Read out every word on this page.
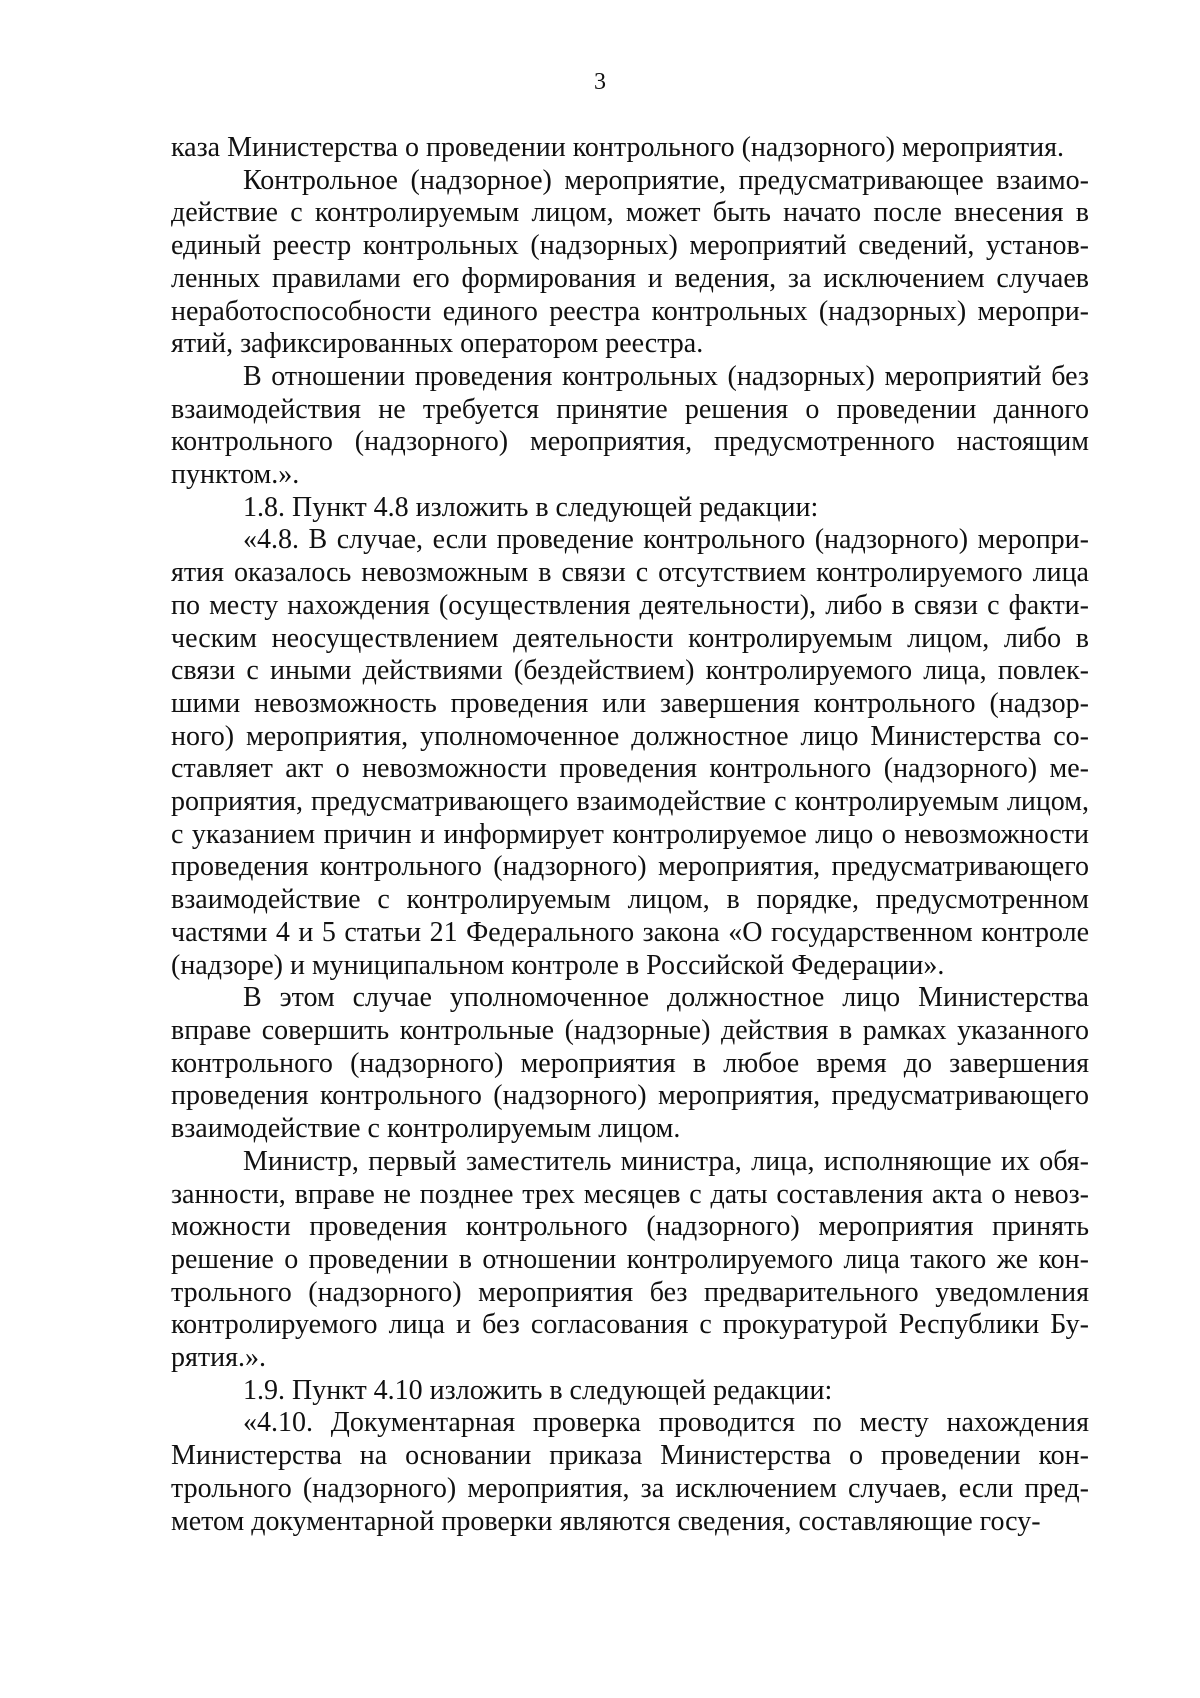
3

каза Министерства о проведении контрольного (надзорного) мероприятия.

Контрольное (надзорное) мероприятие, предусматривающее взаимодействие с контролируемым лицом, может быть начато после внесения в единый реестр контрольных (надзорных) мероприятий сведений, установленных правилами его формирования и ведения, за исключением случаев неработоспособности единого реестра контрольных (надзорных) мероприятий, зафиксированных оператором реестра.

В отношении проведения контрольных (надзорных) мероприятий без взаимодействия не требуется принятие решения о проведении данного контрольного (надзорного) мероприятия, предусмотренного настоящим пунктом.».

1.8. Пункт 4.8 изложить в следующей редакции:

«4.8. В случае, если проведение контрольного (надзорного) мероприятия оказалось невозможным в связи с отсутствием контролируемого лица по месту нахождения (осуществления деятельности), либо в связи с фактическим неосуществлением деятельности контролируемым лицом, либо в связи с иными действиями (бездействием) контролируемого лица, повлекшими невозможность проведения или завершения контрольного (надзорного) мероприятия, уполномоченное должностное лицо Министерства составляет акт о невозможности проведения контрольного (надзорного) мероприятия, предусматривающего взаимодействие с контролируемым лицом, с указанием причин и информирует контролируемое лицо о невозможности проведения контрольного (надзорного) мероприятия, предусматривающего взаимодействие с контролируемым лицом, в порядке, предусмотренном частями 4 и 5 статьи 21 Федерального закона «О государственном контроле (надзоре) и муниципальном контроле в Российской Федерации».

В этом случае уполномоченное должностное лицо Министерства вправе совершить контрольные (надзорные) действия в рамках указанного контрольного (надзорного) мероприятия в любое время до завершения проведения контрольного (надзорного) мероприятия, предусматривающего взаимодействие с контролируемым лицом.

Министр, первый заместитель министра, лица, исполняющие их обязанности, вправе не позднее трех месяцев с даты составления акта о невозможности проведения контрольного (надзорного) мероприятия принять решение о проведении в отношении контролируемого лица такого же контрольного (надзорного) мероприятия без предварительного уведомления контролируемого лица и без согласования с прокуратурой Республики Бурятия.».

1.9. Пункт 4.10 изложить в следующей редакции:

«4.10. Документарная проверка проводится по месту нахождения Министерства на основании приказа Министерства о проведении контрольного (надзорного) мероприятия, за исключением случаев, если предметом документарной проверки являются сведения, составляющие госу-
